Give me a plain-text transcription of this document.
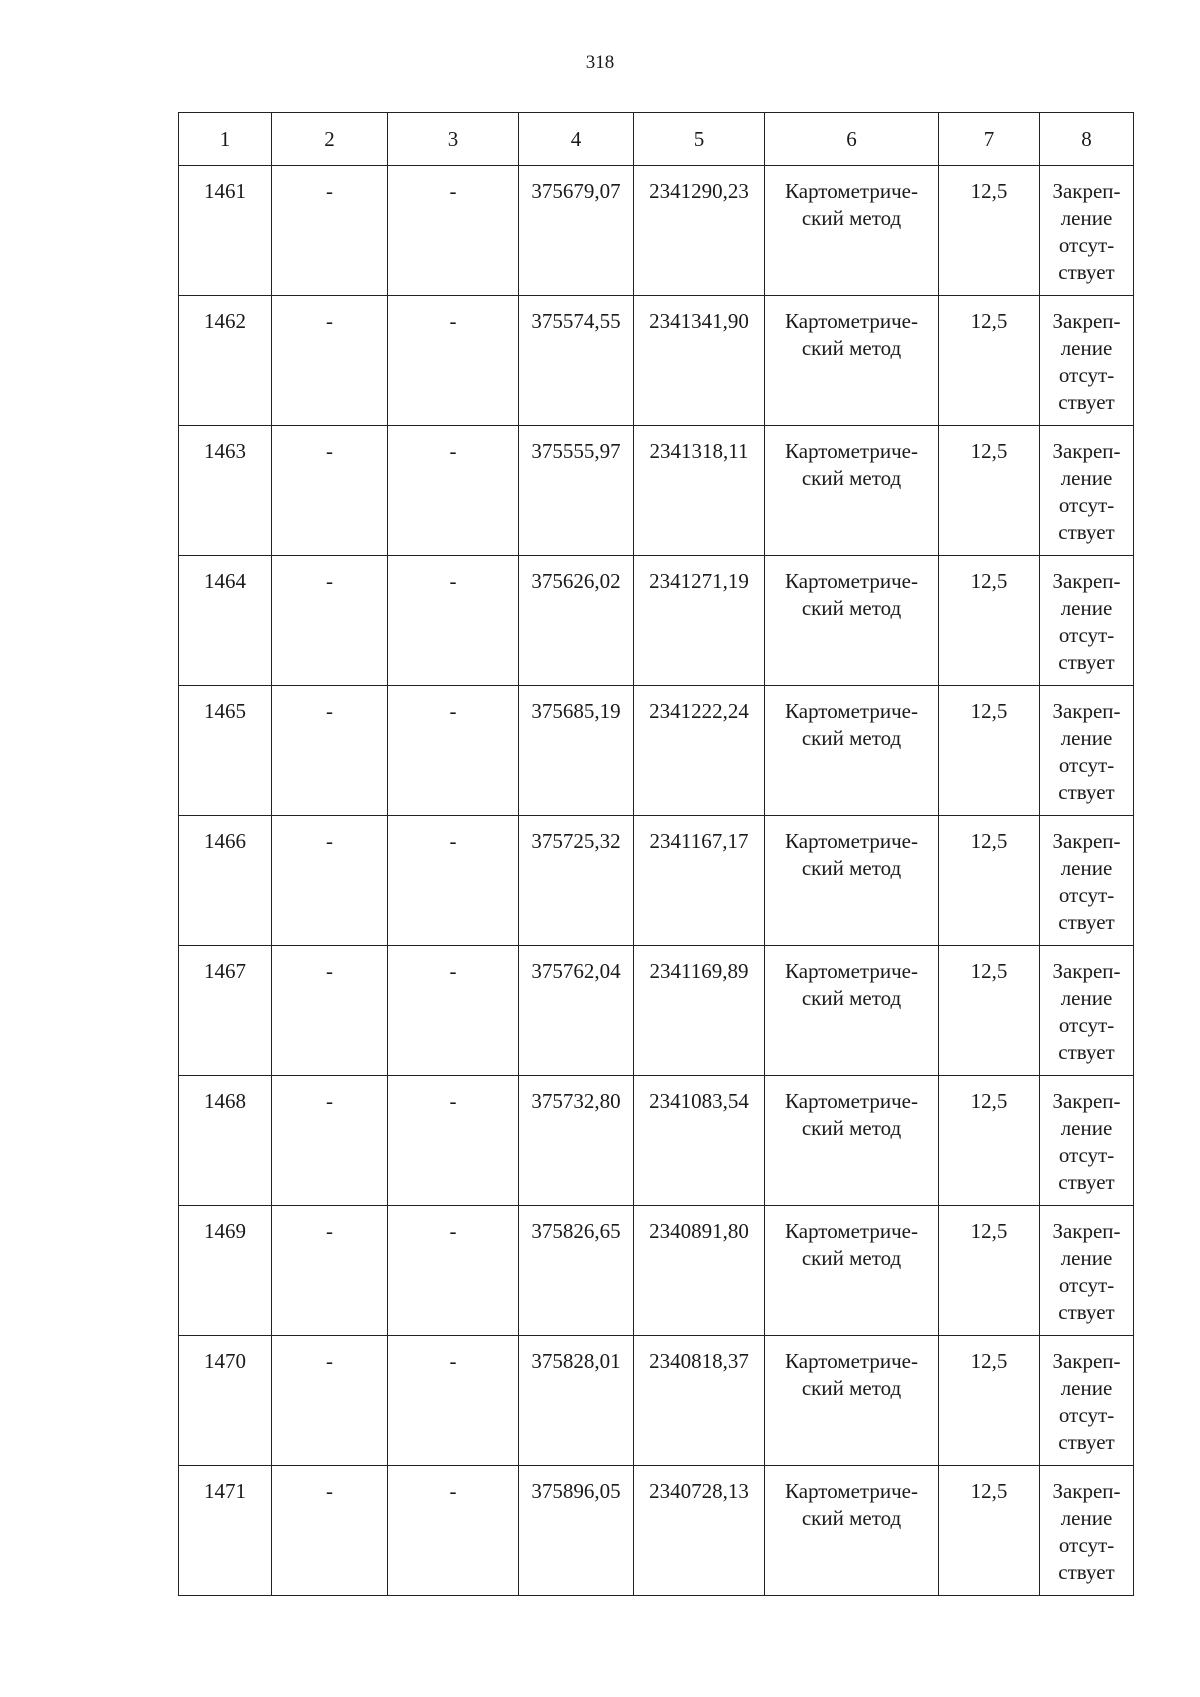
318
1	2	3	4	5	6	7	8
1461	-	-	375679,07	2341290,23	Картометриче-
ский метод	12,5	Закреп-
ление
отсут-
ствует

1462	-	-	375574,55	2341341,90	Картометриче-
ский метод	12,5	Закреп-
ление
отсут-
ствует

1463	-	-	375555,97	2341318,11	Картометриче-
ский метод	12,5	Закреп-
ление
отсут-
ствует

1464	-	-	375626,02	2341271,19	Картометриче-
ский метод	12,5	Закреп-
ление
отсут-
ствует

1465	-	-	375685,19	2341222,24	Картометриче-
ский метод	12,5	Закреп-
ление
отсут-
ствует

1466	-	-	375725,32	2341167,17	Картометриче-
ский метод	12,5	Закреп-
ление
отсут-
ствует

1467	-	-	375762,04	2341169,89	Картометриче-
ский метод	12,5	Закреп-
ление
отсут-
ствует

1468	-	-	375732,80	2341083,54	Картометриче-
ский метод	12,5	Закреп-
ление
отсут-
ствует

1469	-	-	375826,65	2340891,80	Картометриче-
ский метод	12,5	Закреп-
ление
отсут-
ствует

1470	-	-	375828,01	2340818,37	Картометриче-
ский метод	12,5	Закреп-
ление
отсут-
ствует

1471	-	-	375896,05	2340728,13	Картометриче-
ский метод	12,5	Закреп-
ление
отсут-
ствует
